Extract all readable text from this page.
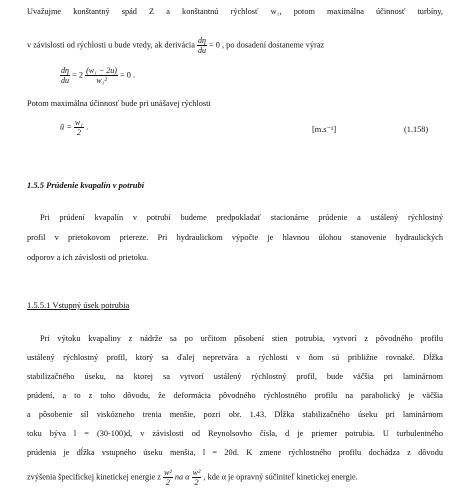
Uvažujme konštantný spád Z a konštantnú rýchlosť w₁, potom maximálna účinnosť turbíny,
v závislosti od rýchlosti u bude vtedy, ak derivácia $\frac{d\eta}{du} = 0$ , po dosadení dostaneme výraz
$\frac{d\eta}{du} = 2 \frac{\text{(w₁ − 2u)}}{\text{w₁²}} = 0$ .
Potom maximálna účinnosť bude pri unášavej rýchlosti
ū = $\frac{\text{w₁}}{2}$ .	[m.s⁻¹]	(1.158)
1.5.5 Prúdenie kvapalín v potrubí
Pri prúdení kvapalín v potrubí budeme predpokladať stacionárne prúdenie a ustálený rýchlostný
profil v prietokovom priereze. Pri hydraulickom výpočte je hlavnou úlohou stanovenie hydraulických
odporov a ich závislosti od prietoku.
1.5.5.1 Vstupný úsek potrubia
Pri výtoku kvapaliny z nádrže sa po určitom pôsobení stien potrubia, vytvorí z pôvodného profilu
ustálený rýchlostný profil, ktorý sa ďalej nepretvára a rýchlosti v ňom sú približne rovnaké. Dĺžka
stabilizačného úseku, na ktorej sa vytvorí ustálený rýchlostný profil, bude väčšia pri laminárnom
prúdení, a to z toho dôvodu, že deformácia pôvodného rýchlostného profilu na parabolický je väčšia
a pôsobenie síl viskózneho trenia menšie, pozri obr. 1.43. Dĺžka stabilizačného úseku pri laminárnom
toku býva l = (30-100)d, v závislosti od Reynolsovho čísla, d je priemer potrubia. U turbulentného
prúdenia je dĺžka vstupného úseku menšia, l = 20d. K zmene rýchlostného profilu dochádza z dôvodu
zvýšenia špecifickej kinetickej energie z $\frac{\text{w²}}{2}$ na α $\frac{\text{w²}}{2}$ , kde α je opravný súčiniteľ kinetickej energie.
